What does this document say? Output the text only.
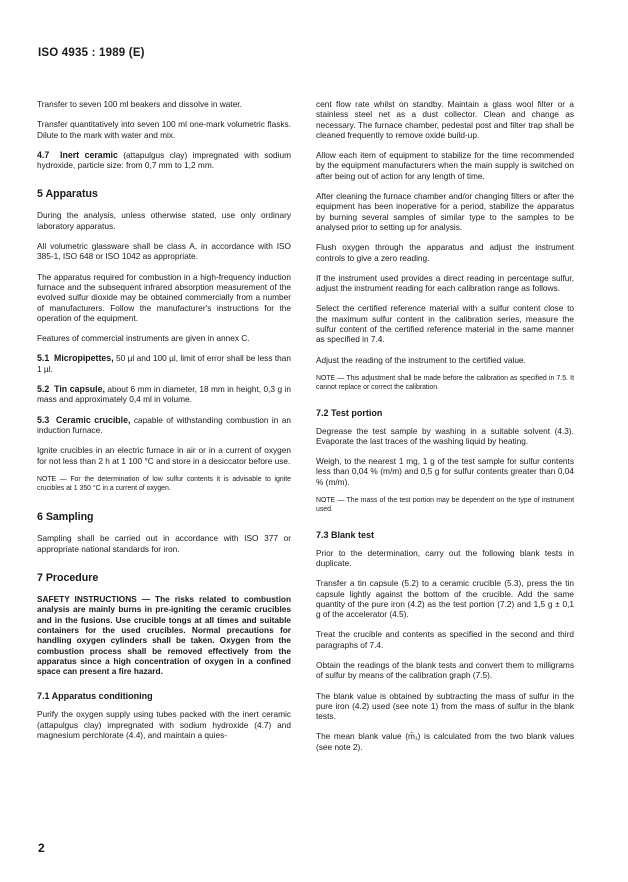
ISO 4935 : 1989 (E)

Transfer to seven 100 ml beakers and dissolve in water.

Transfer quantitatively into seven 100 ml one-mark volumetric flasks. Dilute to the mark with water and mix.

4.7 Inert ceramic (attapulgus clay) impregnated with sodium hydroxide, particle size: from 0,7 mm to 1,2 mm.

5 Apparatus

During the analysis, unless otherwise stated, use only ordinary laboratory apparatus.

All volumetric glassware shall be class A, in accordance with ISO 385-1, ISO 648 or ISO 1042 as appropriate.

The apparatus required for combustion in a high-frequency induction furnace and the subsequent infrared absorption measurement of the evolved sulfur dioxide may be obtained commercially from a number of manufacturers. Follow the manufacturer's instructions for the operation of the equipment.

Features of commercial instruments are given in annex C.

5.1 Micropipettes, 50 µl and 100 µl, limit of error shall be less than 1 µl.

5.2 Tin capsule, about 6 mm in diameter, 18 mm in height, 0,3 g in mass and approximately 0,4 ml in volume.

5.3 Ceramic crucible, capable of withstanding combustion in an induction furnace.

Ignite crucibles in an electric furnace in air or in a current of oxygen for not less than 2 h at 1 100 °C and store in a desiccator before use.

NOTE — For the determination of low sulfur contents it is advisable to ignite crucibles at 1 350 °C in a current of oxygen.

6 Sampling

Sampling shall be carried out in accordance with ISO 377 or appropriate national standards for iron.

7 Procedure

SAFETY INSTRUCTIONS — The risks related to combustion analysis are mainly burns in pre-igniting the ceramic crucibles and in the fusions. Use crucible tongs at all times and suitable containers for the used crucibles. Normal precautions for handling oxygen cylinders shall be taken. Oxygen from the combustion process shall be removed effectively from the apparatus since a high concentration of oxygen in a confined space can present a fire hazard.

7.1 Apparatus conditioning

Purify the oxygen supply using tubes packed with the inert ceramic (attapulgus clay) impregnated with sodium hydroxide (4.7) and magnesium perchlorate (4.4), and maintain a quies-

cent flow rate whilst on standby. Maintain a glass wool filter or a stainless steel net as a dust collector. Clean and change as necessary. The furnace chamber, pedestal post and filter trap shall be cleaned frequently to remove oxide build-up.

Allow each item of equipment to stabilize for the time recommended by the equipment manufacturers when the main supply is switched on after being out of action for any length of time.

After cleaning the furnace chamber and/or changing filters or after the equipment has been inoperative for a period, stabilize the apparatus by burning several samples of similar type to the samples to be analysed prior to setting up for analysis.

Flush oxygen through the apparatus and adjust the instrument controls to give a zero reading.

If the instrument used provides a direct reading in percentage sulfur, adjust the instrument reading for each calibration range as follows.

Select the certified reference material with a sulfur content close to the maximum sulfur content in the calibration series, measure the sulfur content of the certified reference material in the same manner as specified in 7.4.

Adjust the reading of the instrument to the certified value.

NOTE — This adjustment shall be made before the calibration as specified in 7.5. It cannot replace or correct the calibration.

7.2 Test portion

Degrease the test sample by washing in a suitable solvent (4.3). Evaporate the last traces of the washing liquid by heating.

Weigh, to the nearest 1 mg, 1 g of the test sample for sulfur contents less than 0,04 % (m/m) and 0,5 g for sulfur contents greater than 0,04 % (m/m).

NOTE — The mass of the test portion may be dependent on the type of instrument used.

7.3 Blank test

Prior to the determination, carry out the following blank tests in duplicate.

Transfer a tin capsule (5.2) to a ceramic crucible (5.3), press the tin capsule lightly against the bottom of the crucible. Add the same quantity of the pure iron (4.2) as the test portion (7.2) and 1,5 g ± 0,1 g of the accelerator (4.5).

Treat the crucible and contents as specified in the second and third paragraphs of 7.4.

Obtain the readings of the blank tests and convert them to milligrams of sulfur by means of the calibration graph (7.5).

The blank value is obtained by subtracting the mass of sulfur in the pure iron (4.2) used (see note 1) from the mass of sulfur in the blank tests.

The mean blank value (m̄₁) is calculated from the two blank values (see note 2).

2
